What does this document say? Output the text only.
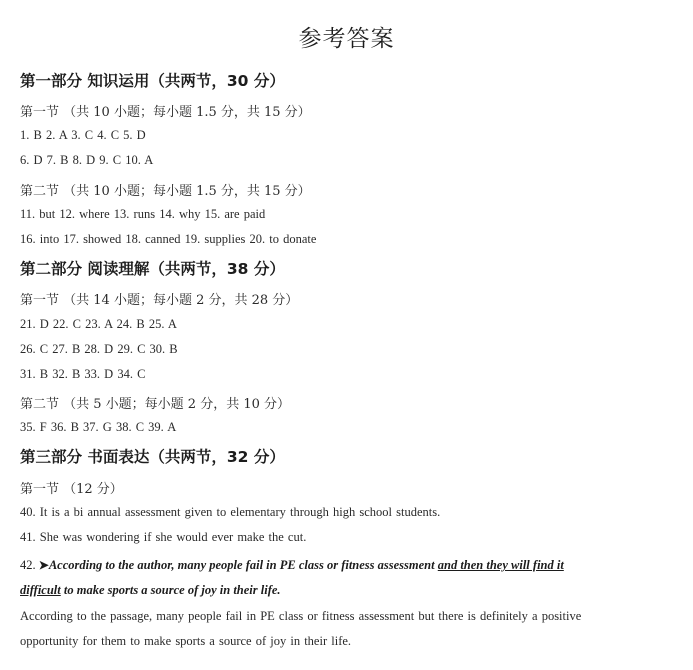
参考答案
第一部分 知识运用（共两节，30 分）
第一节 （共 10 小题；每小题 1.5 分，共 15 分）
1. B 2. A 3. C 4. C 5. D
6. D 7. B 8. D 9. C 10. A
第二节 （共 10 小题；每小题 1.5 分，共 15 分）
11. but 12. where 13. runs 14. why 15. are paid
16. into 17. showed 18. canned 19. supplies 20. to donate
第二部分 阅读理解（共两节，38 分）
第一节 （共 14 小题；每小题 2 分，共 28 分）
21. D 22. C 23. A 24. B 25. A
26. C 27. B 28. D 29. C 30. B
31. B 32. B 33. D 34. C
第二节 （共 5 小题；每小题 2 分，共 10 分）
35. F 36. B 37. G 38. C 39. A
第三部分 书面表达（共两节，32 分）
第一节 （12 分）
40. It is a bi annual assessment given to elementary through high school students.
41. She was wondering if she would ever make the cut.
42. ➤According to the author, many people fail in PE class or fitness assessment and then they will find it
difficult to make sports a source of joy in their life.
According to the passage, many people fail in PE class or fitness assessment but there is definitely a positive
opportunity for them to make sports a source of joy in their life.
